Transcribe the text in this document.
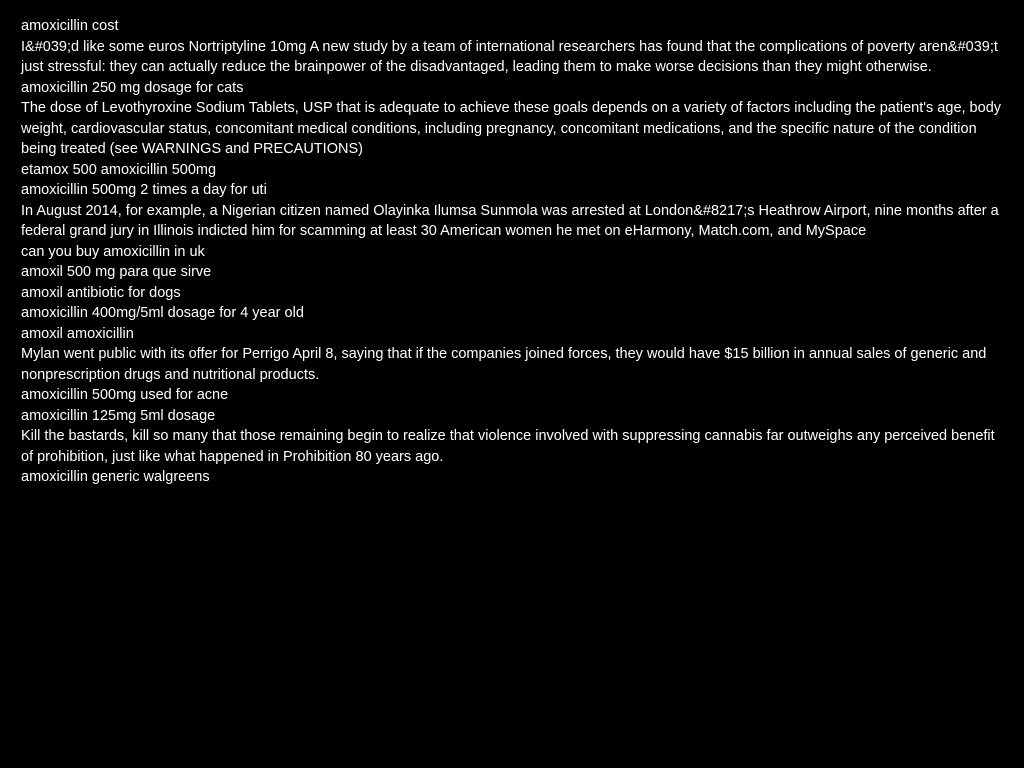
amoxicillin cost

I&#039;d like some euros Nortriptyline 10mg A new study by a team of international researchers has found that the complications of poverty aren&#039;t just stressful: they can actually reduce the brainpower of the disadvantaged, leading them to make worse decisions than they might otherwise.

amoxicillin 250 mg dosage for cats

The dose of Levothyroxine Sodium Tablets, USP that is adequate to achieve these goals depends on a variety of factors including the patient's age, body weight, cardiovascular status, concomitant medical conditions, including pregnancy, concomitant medications, and the specific nature of the condition being treated (see WARNINGS and PRECAUTIONS)

etamox 500 amoxicillin 500mg

amoxicillin 500mg 2 times a day for uti

In August 2014, for example, a Nigerian citizen named Olayinka Ilumsa Sunmola was arrested at London&#8217;s Heathrow Airport, nine months after a federal grand jury in Illinois indicted him for scamming at least 30 American women he met on eHarmony, Match.com, and MySpace

can you buy amoxicillin in uk

amoxil 500 mg para que sirve

amoxil antibiotic for dogs

amoxicillin 400mg/5ml dosage for 4 year old

amoxil amoxicillin

Mylan went public with its offer for Perrigo April 8, saying that if the companies joined forces, they would have $15 billion in annual sales of generic and nonprescription drugs and nutritional products.

amoxicillin 500mg used for acne

amoxicillin 125mg 5ml dosage

Kill the bastards, kill so many that those remaining begin to realize that violence involved with suppressing cannabis far outweighs any perceived benefit of prohibition, just like what happened in Prohibition 80 years ago.

amoxicillin generic walgreens
